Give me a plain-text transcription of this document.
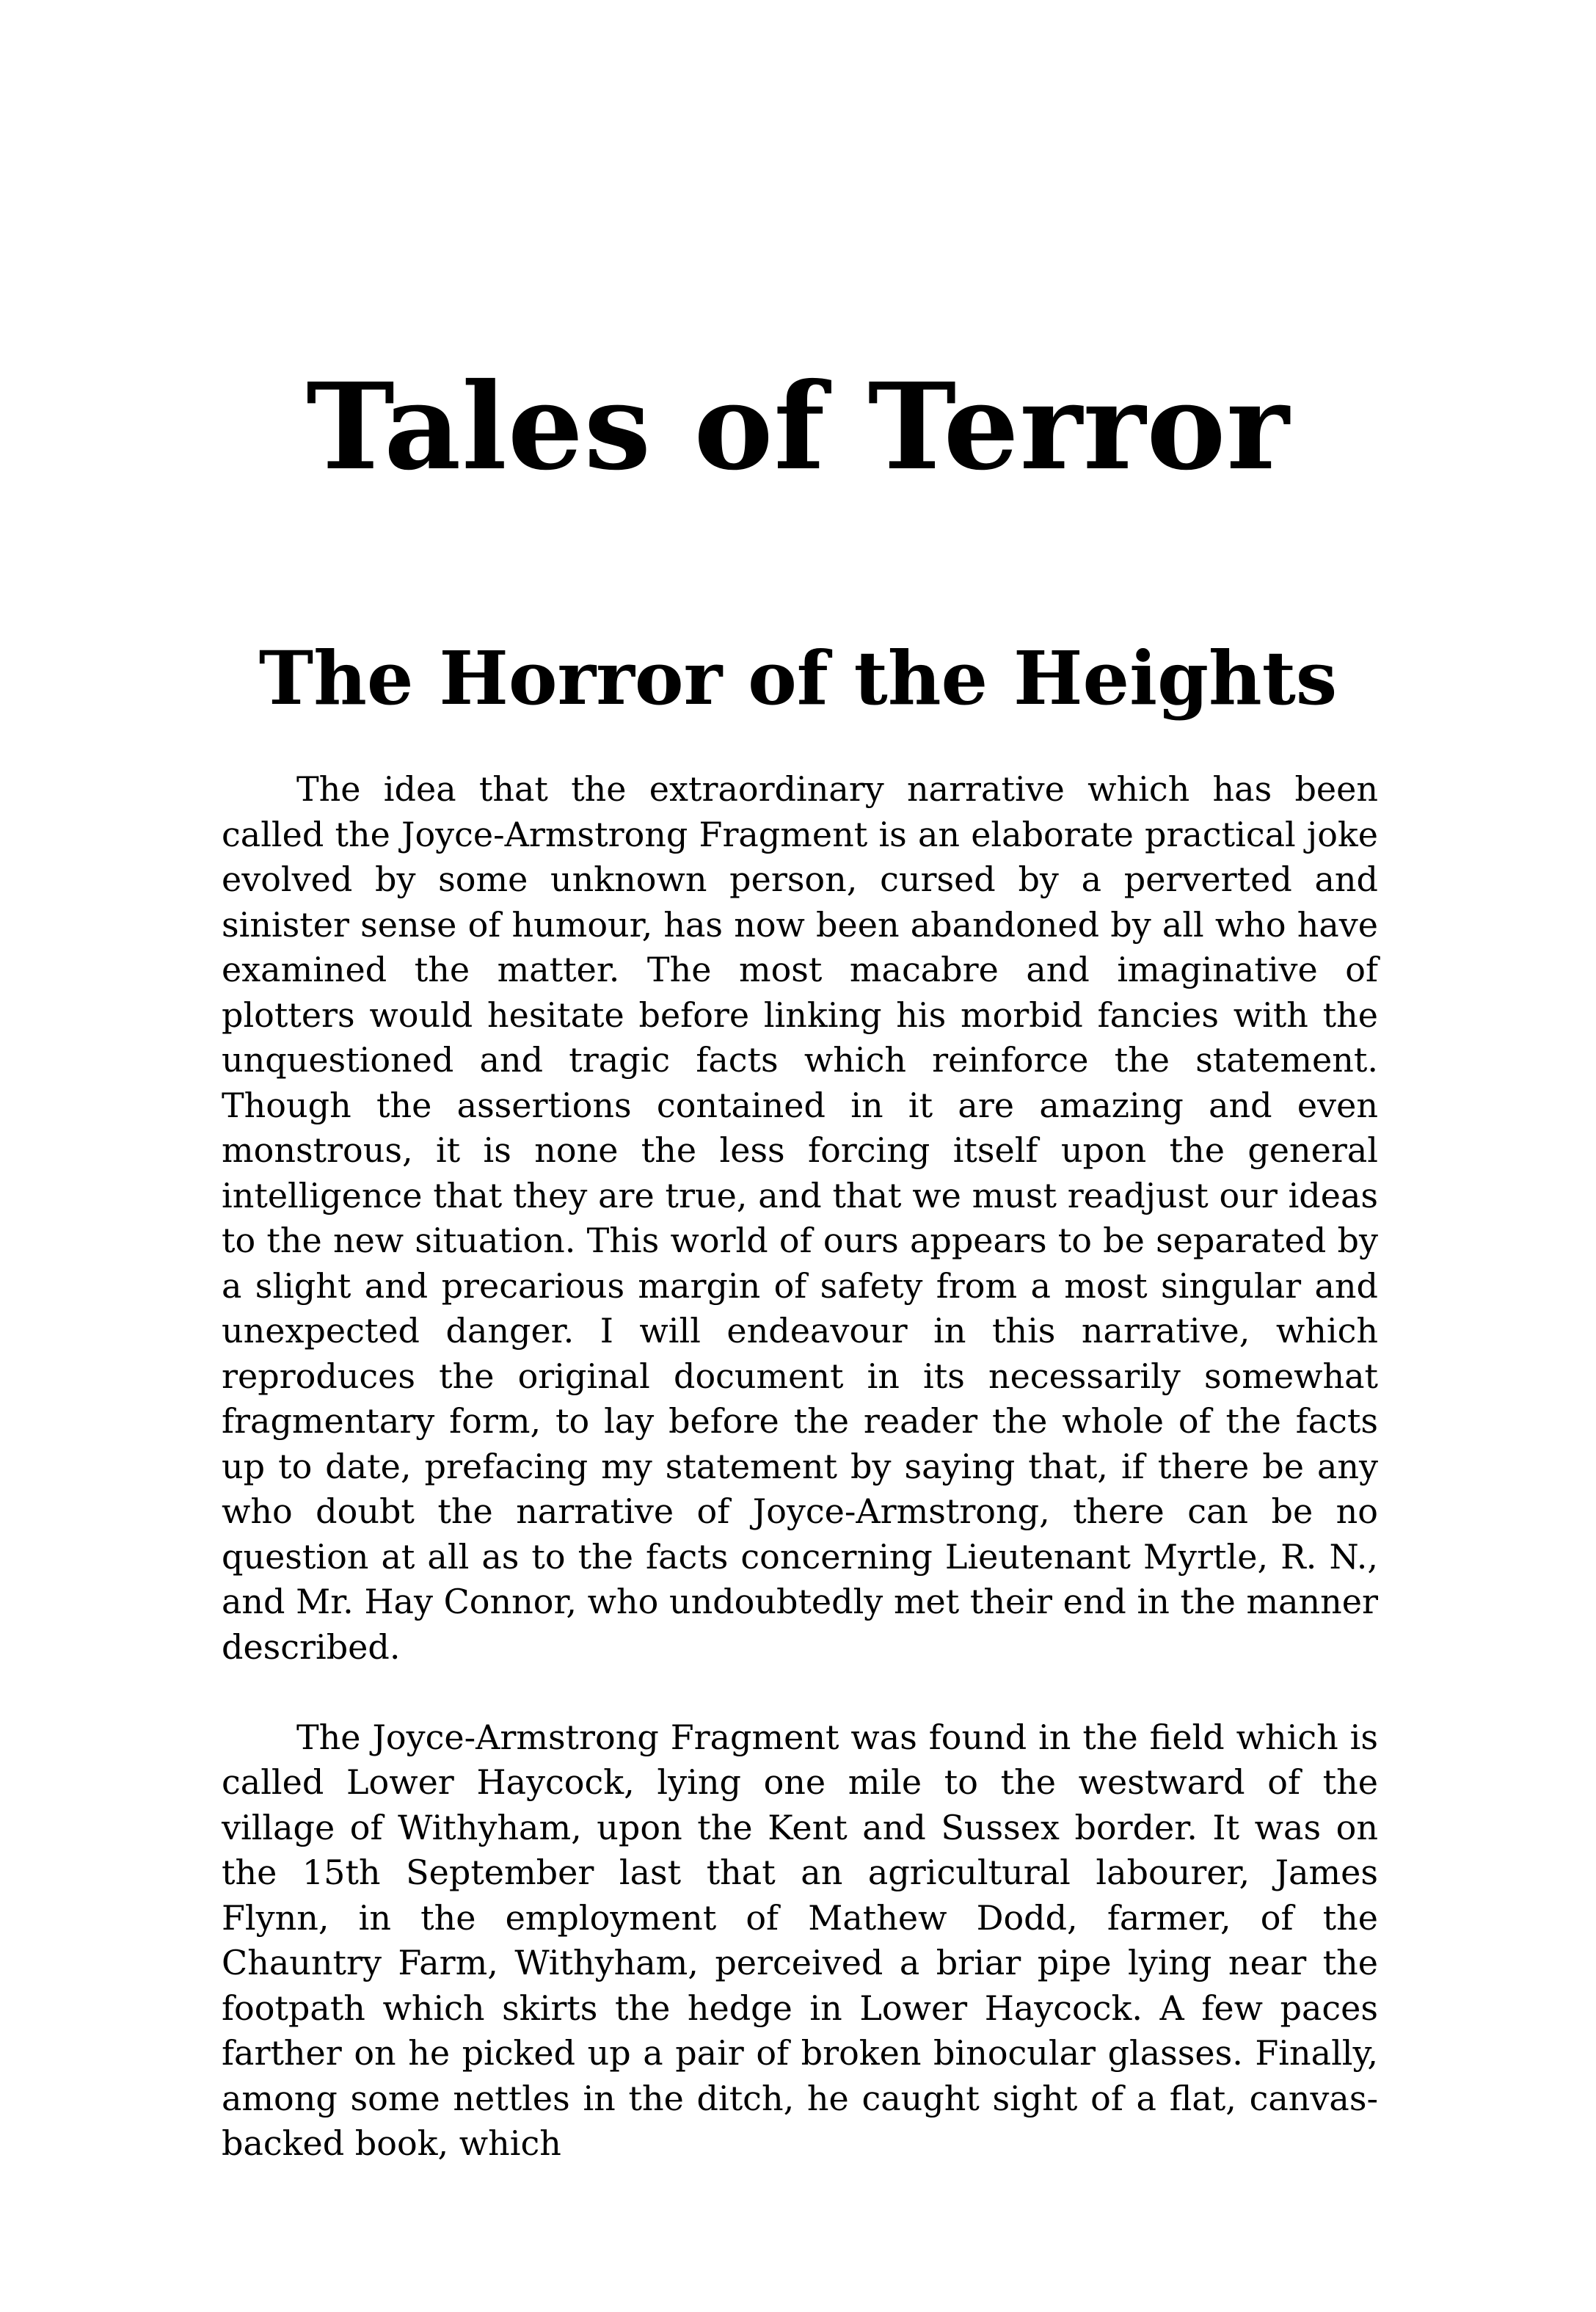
Tales of Terror
The Horror of the Heights

The idea that the extraordinary narrative which has been called the Joyce-Armstrong Fragment is an elaborate practical joke evolved by some unknown person, cursed by a perverted and sinister sense of humour, has now been abandoned by all who have examined the matter. The most macabre and imaginative of plotters would hesitate before linking his morbid fancies with the unquestioned and tragic facts which reinforce the statement. Though the assertions contained in it are amazing and even monstrous, it is none the less forcing itself upon the general intelligence that they are true, and that we must readjust our ideas to the new situation. This world of ours appears to be separated by a slight and precarious margin of safety from a most singular and unexpected danger. I will endeavour in this narrative, which reproduces the original document in its necessarily somewhat fragmentary form, to lay before the reader the whole of the facts up to date, prefacing my statement by saying that, if there be any who doubt the narrative of Joyce-Armstrong, there can be no question at all as to the facts concerning Lieutenant Myrtle, R. N., and Mr. Hay Connor, who undoubtedly met their end in the manner described.

The Joyce-Armstrong Fragment was found in the field which is called Lower Haycock, lying one mile to the westward of the village of Withyham, upon the Kent and Sussex border. It was on the 15th September last that an agricultural labourer, James Flynn, in the employment of Mathew Dodd, farmer, of the Chauntry Farm, Withyham, perceived a briar pipe lying near the footpath which skirts the hedge in Lower Haycock. A few paces farther on he picked up a pair of broken binocular glasses. Finally, among some nettles in the ditch, he caught sight of a flat, canvas-backed book, which
